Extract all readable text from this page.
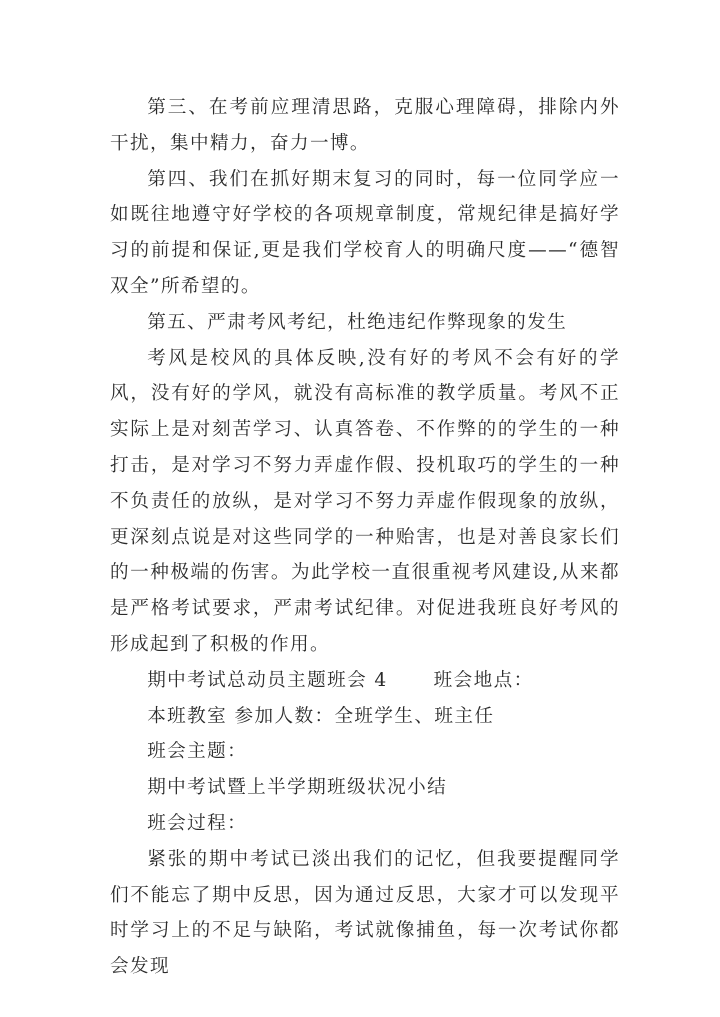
第三、在考前应理清思路，克服心理障碍，排除内外干扰，集中精力，奋力一博。

第四、我们在抓好期末复习的同时，每一位同学应一如既往地遵守好学校的各项规章制度，常规纪律是搞好学习的前提和保证,更是我们学校育人的明确尺度——“德智双全”所希望的。

第五、严肃考风考纪，杜绝违纪作弊现象的发生

考风是校风的具体反映,没有好的考风不会有好的学风，没有好的学风，就没有高标准的教学质量。考风不正实际上是对刻苦学习、认真答卷、不作弊的的学生的一种打击，是对学习不努力弄虚作假、投机取巧的学生的一种不负责任的放纵，是对学习不努力弄虚作假现象的放纵，更深刻点说是对这些同学的一种贻害，也是对善良家长们的一种极端的伤害。为此学校一直很重视考风建设,从来都是严格考试要求，严肃考试纪律。对促进我班良好考风的形成起到了积极的作用。

期中考试总动员主题班会 4 班会地点：

本班教室 参加人数：全班学生、班主任

班会主题：

期中考试暨上半学期班级状况小结

班会过程：

紧张的期中考试已淡出我们的记忆，但我要提醒同学们不能忘了期中反思，因为通过反思，大家才可以发现平时学习上的不足与缺陷，考试就像捕鱼，每一次考试你都会发现
